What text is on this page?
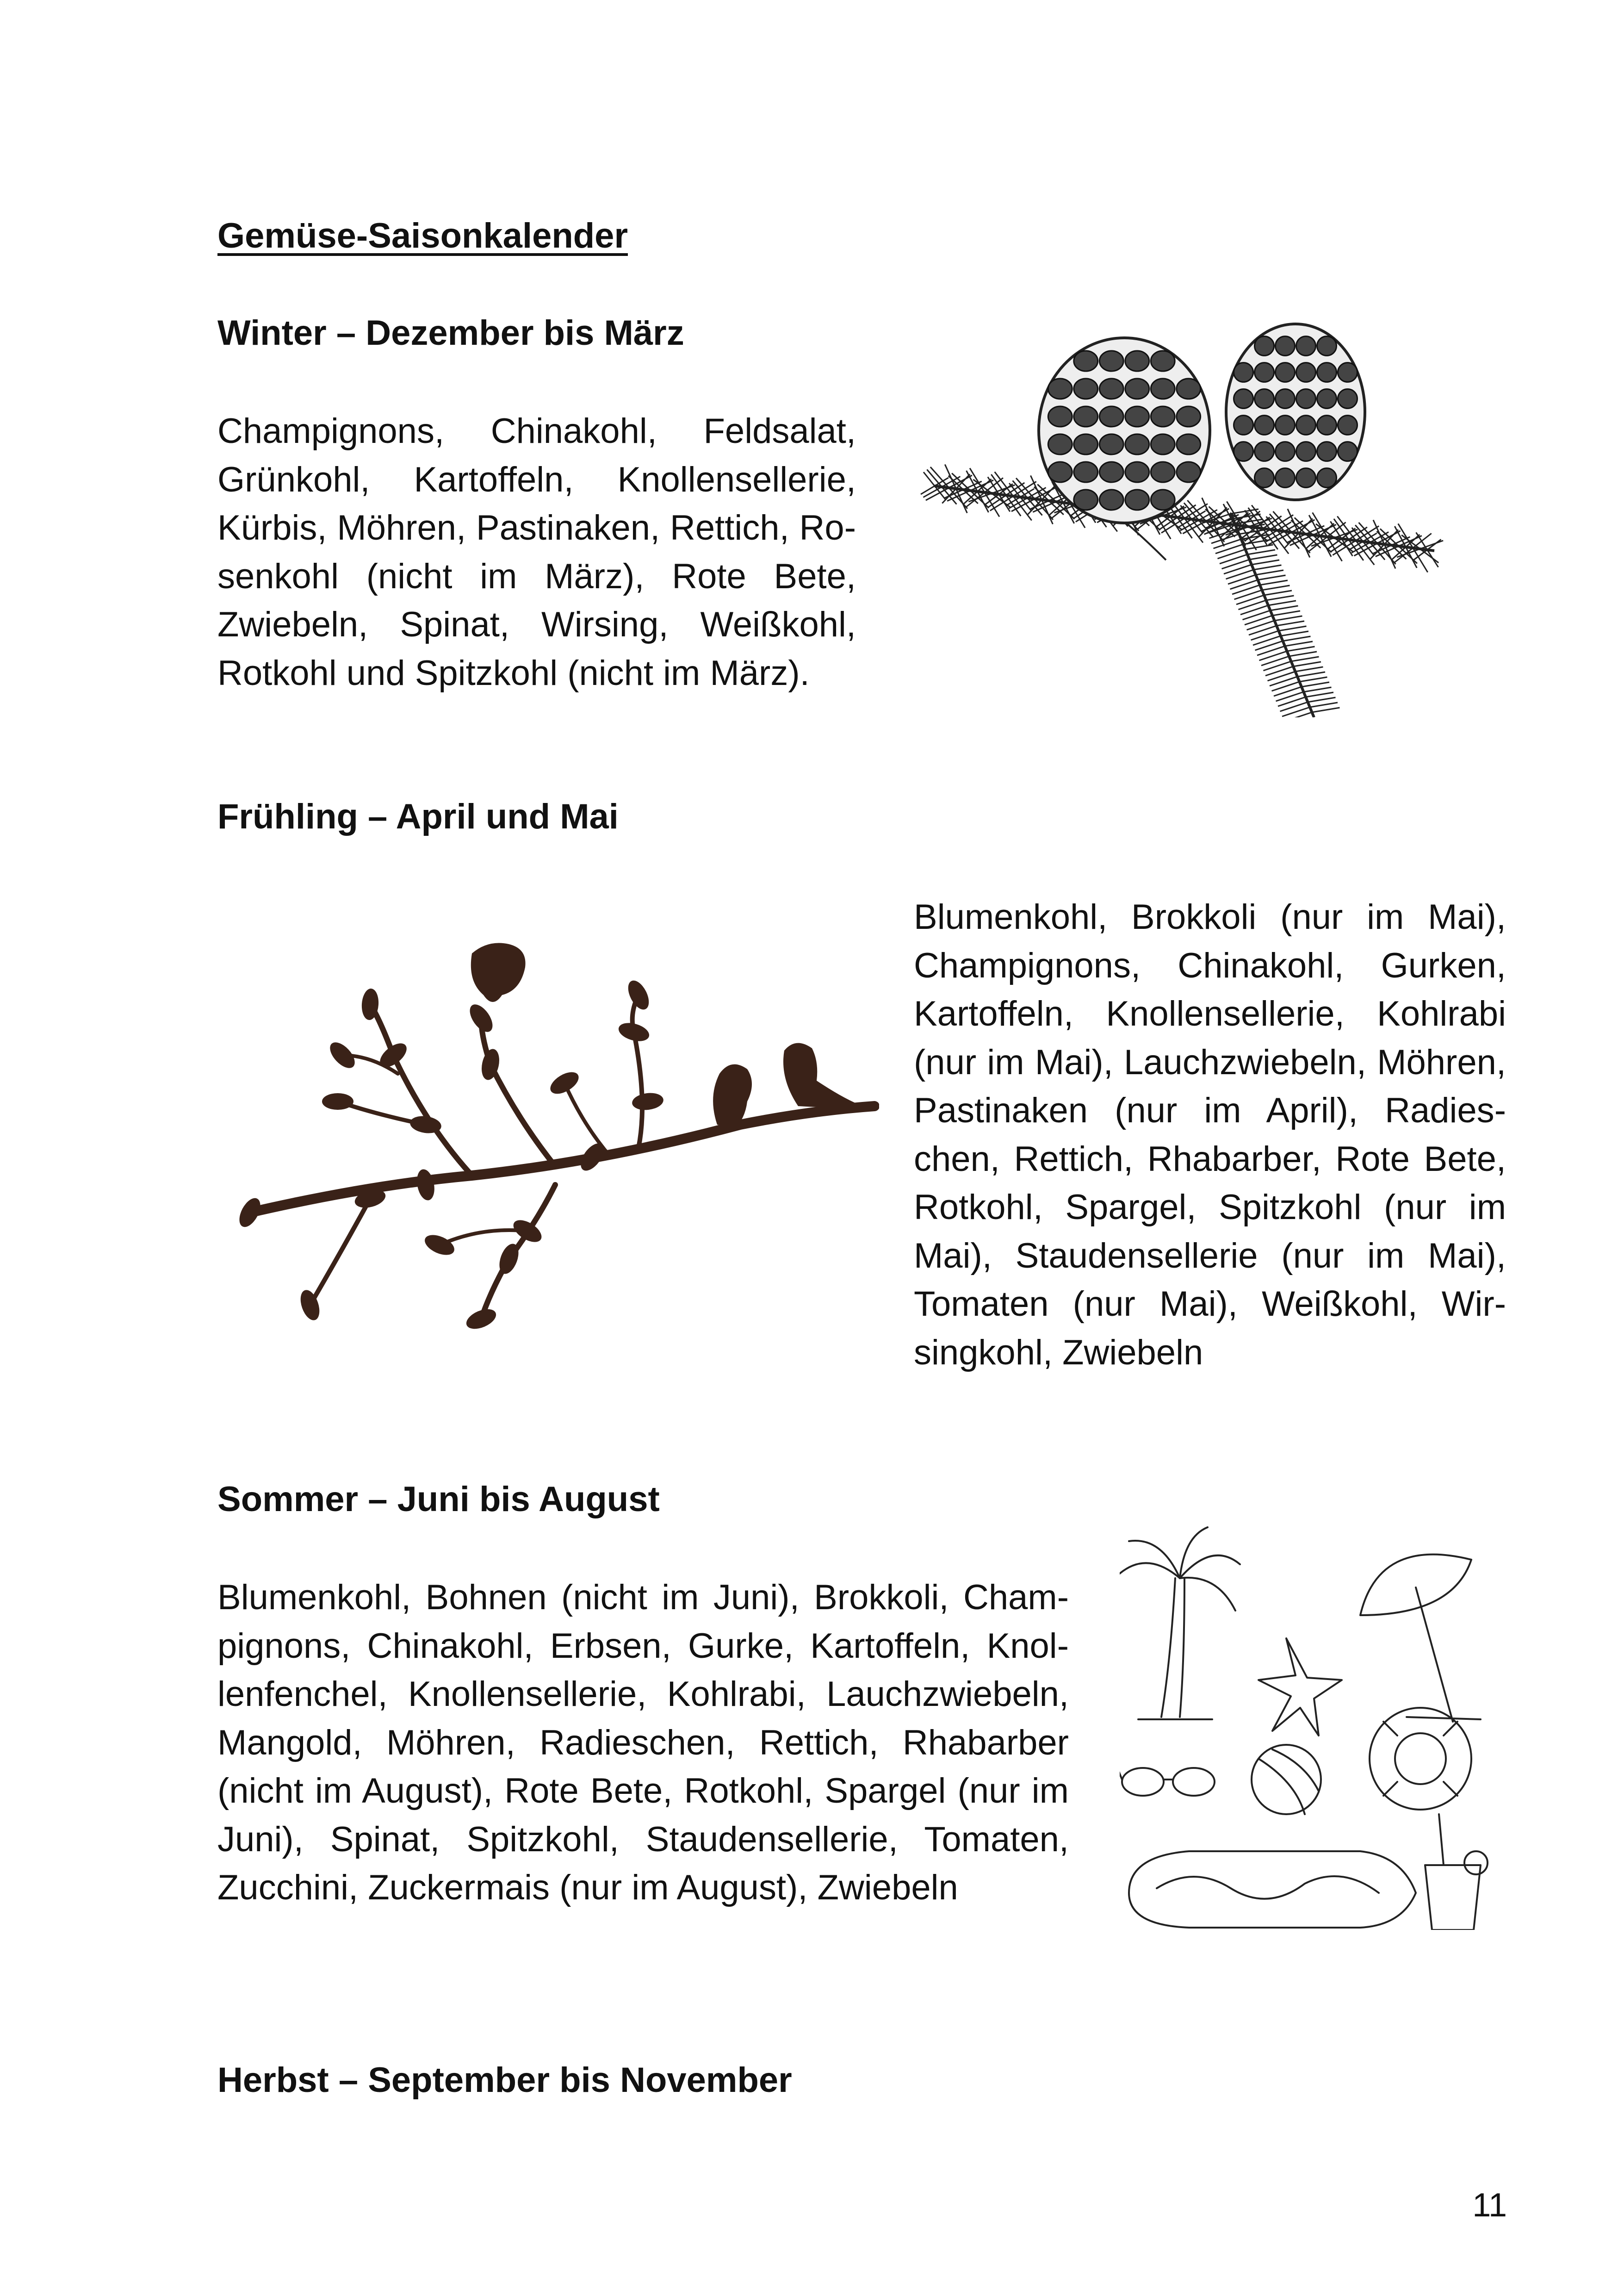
Gemüse-Saisonkalender
Winter – Dezember bis März

Champignons, Chinakohl, Feldsalat, Grünkohl, Kartoffeln, Knollensellerie, Kürbis, Möhren, Pastinaken, Rettich, Rosenkohl (nicht im März), Rote Bete, Zwiebeln, Spinat, Wirsing, Weißkohl, Rotkohl und Spitzkohl (nicht im März).

Frühling – April und Mai

Blumenkohl, Brokkoli (nur im Mai), Champignons, Chinakohl, Gurken, Kartoffeln, Knollensellerie, Kohlrabi (nur im Mai), Lauchzwiebeln, Möhren, Pastinaken (nur im April), Radieschen, Rettich, Rhabarber, Rote Bete, Rotkohl, Spargel, Spitzkohl (nur im Mai), Staudensellerie (nur im Mai), Tomaten (nur Mai), Weißkohl, Wirsingkohl, Zwiebeln

Sommer – Juni bis August

Blumenkohl, Bohnen (nicht im Juni), Brokkoli, Champignons, Chinakohl, Erbsen, Gurke, Kartoffeln, Knollenfenchel, Knollensellerie, Kohlrabi, Lauchzwiebeln, Mangold, Möhren, Radieschen, Rettich, Rhabarber (nicht im August), Rote Bete, Rotkohl, Spargel (nur im Juni), Spinat, Spitzkohl, Staudensellerie, Tomaten, Zucchini, Zuckermais (nur im August), Zwiebeln

Herbst – September bis November
11
